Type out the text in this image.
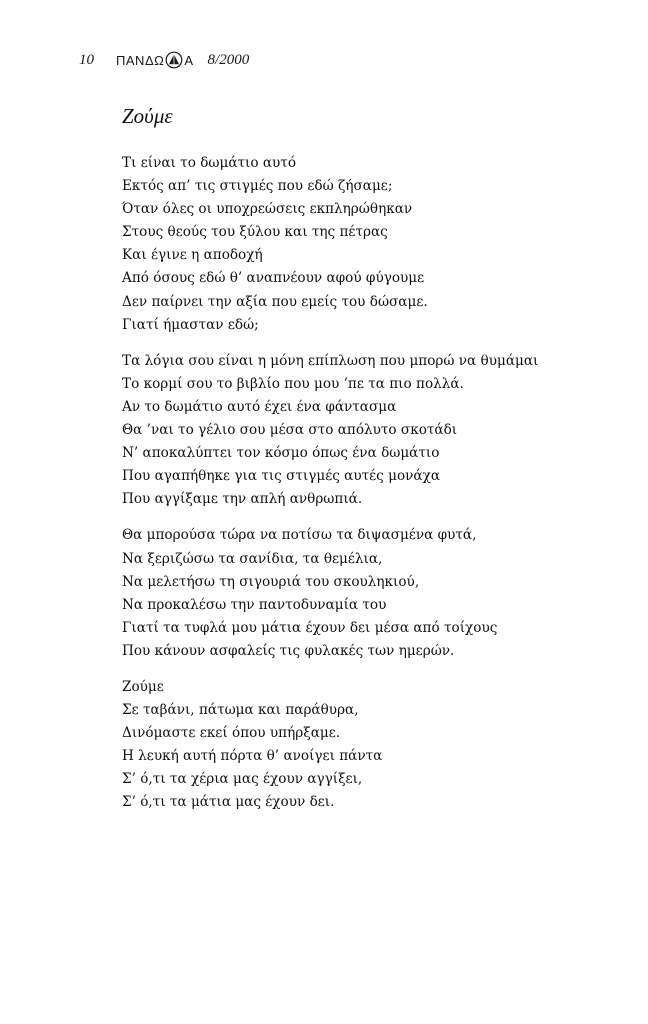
10 ΠΑΝΔΩ Α 8/2000
Ζούμε

Τι είναι το δωμάτιο αυτό
Εκτός απ’ τις στιγμές που εδώ ζήσαμε;
Όταν όλες οι υποχρεώσεις εκπληρώθηκαν
Στους θεούς του ξύλου και της πέτρας
Και έγινε η αποδοχή
Από όσους εδώ θ’ αναπνέουν αφού φύγουμε
Δεν παίρνει την αξία που εμείς του δώσαμε.
Γιατί ήμασταν εδώ;

Τα λόγια σου είναι η μόνη επίπλωση που μπορώ να θυμάμαι
Το κορμί σου το βιβλίο που μου ’πε τα πιο πολλά.
Αν το δωμάτιο αυτό έχει ένα φάντασμα
Θα ’ναι το γέλιο σου μέσα στο απόλυτο σκοτάδι
Ν’ αποκαλύπτει τον κόσμο όπως ένα δωμάτιο
Που αγαπήθηκε για τις στιγμές αυτές μονάχα
Που αγγίξαμε την απλή ανθρωπιά.

Θα μπορούσα τώρα να ποτίσω τα διψασμένα φυτά,
Να ξεριζώσω τα σανίδια, τα θεμέλια,
Να μελετήσω τη σιγουριά του σκουληκιού,
Να προκαλέσω την παντοδυναμία του
Γιατί τα τυφλά μου μάτια έχουν δει μέσα από τοίχους
Που κάνουν ασφαλείς τις φυλακές των ημερών.

Ζούμε
Σε ταβάνι, πάτωμα και παράθυρα,
Δινόμαστε εκεί όπου υπήρξαμε.
Η λευκή αυτή πόρτα θ’ ανοίγει πάντα
Σ’ ό,τι τα χέρια μας έχουν αγγίξει,
Σ’ ό,τι τα μάτια μας έχουν δει.
